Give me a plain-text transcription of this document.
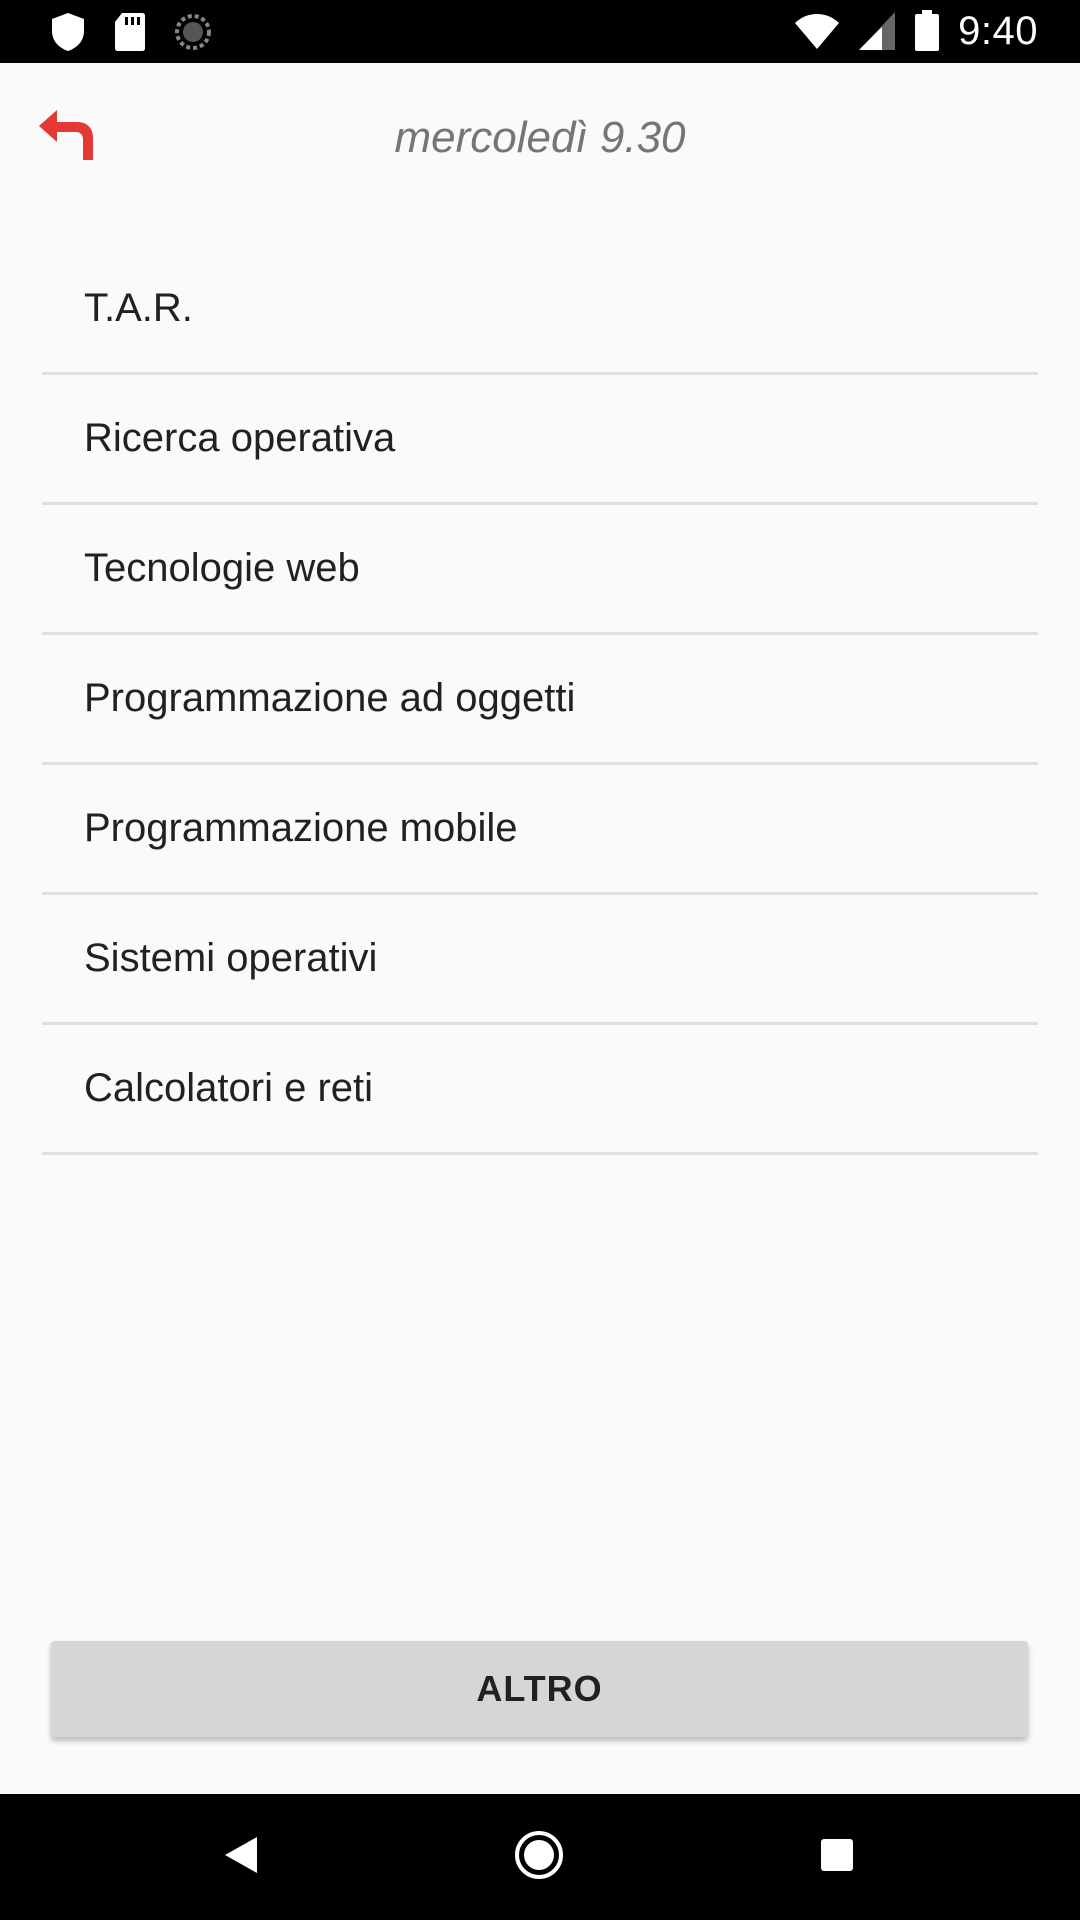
9:40
mercoledì 9.30
T.A.R.
Ricerca operativa
Tecnologie web
Programmazione ad oggetti
Programmazione mobile
Sistemi operativi
Calcolatori e reti
ALTRO
